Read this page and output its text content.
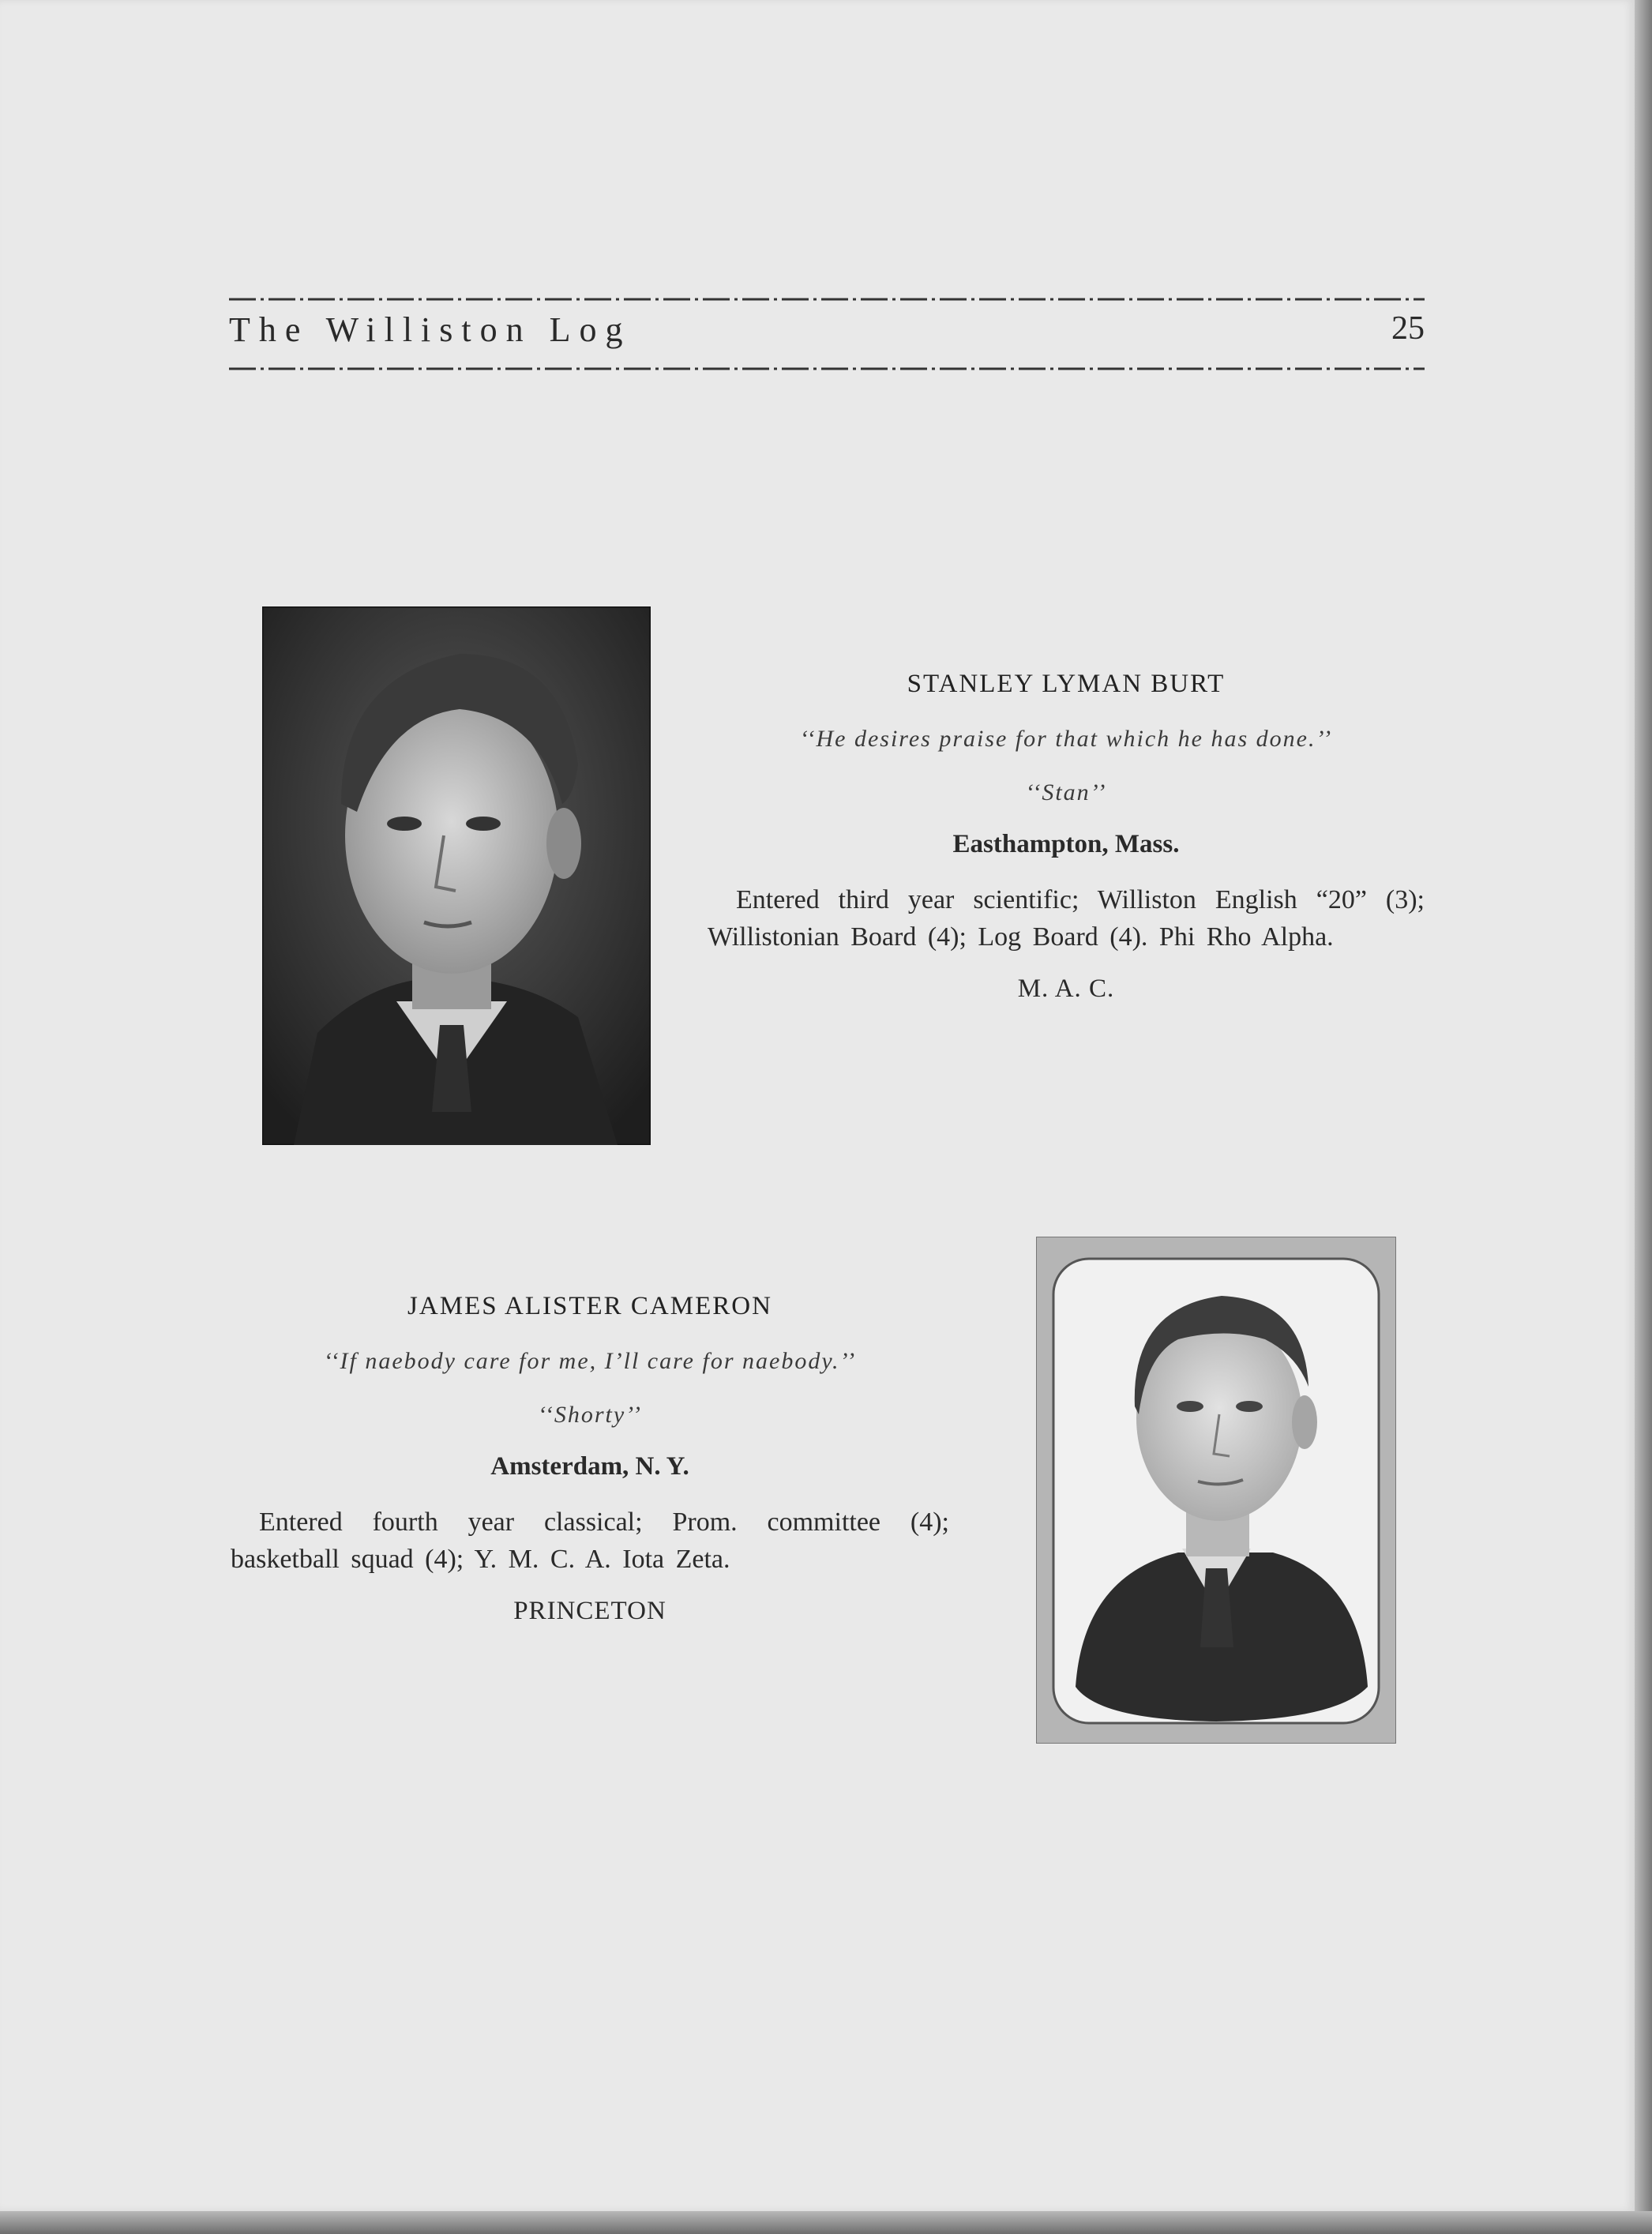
The Williston Log	25

STANLEY LYMAN BURT

‘‘He desires praise for that which he has done.’’
‘‘Stan’’
Easthampton, Mass.
Entered third year scientific; Williston English “20” (3); Willistonian Board (4); Log Board (4). Phi Rho Alpha.
M. A. C.

JAMES ALISTER CAMERON

‘‘If naebody care for me, I’ll care for naebody.’’
‘‘Shorty’’
Amsterdam, N. Y.
Entered fourth year classical; Prom. committee (4); basketball squad (4); Y. M. C. A. Iota Zeta.
PRINCETON
